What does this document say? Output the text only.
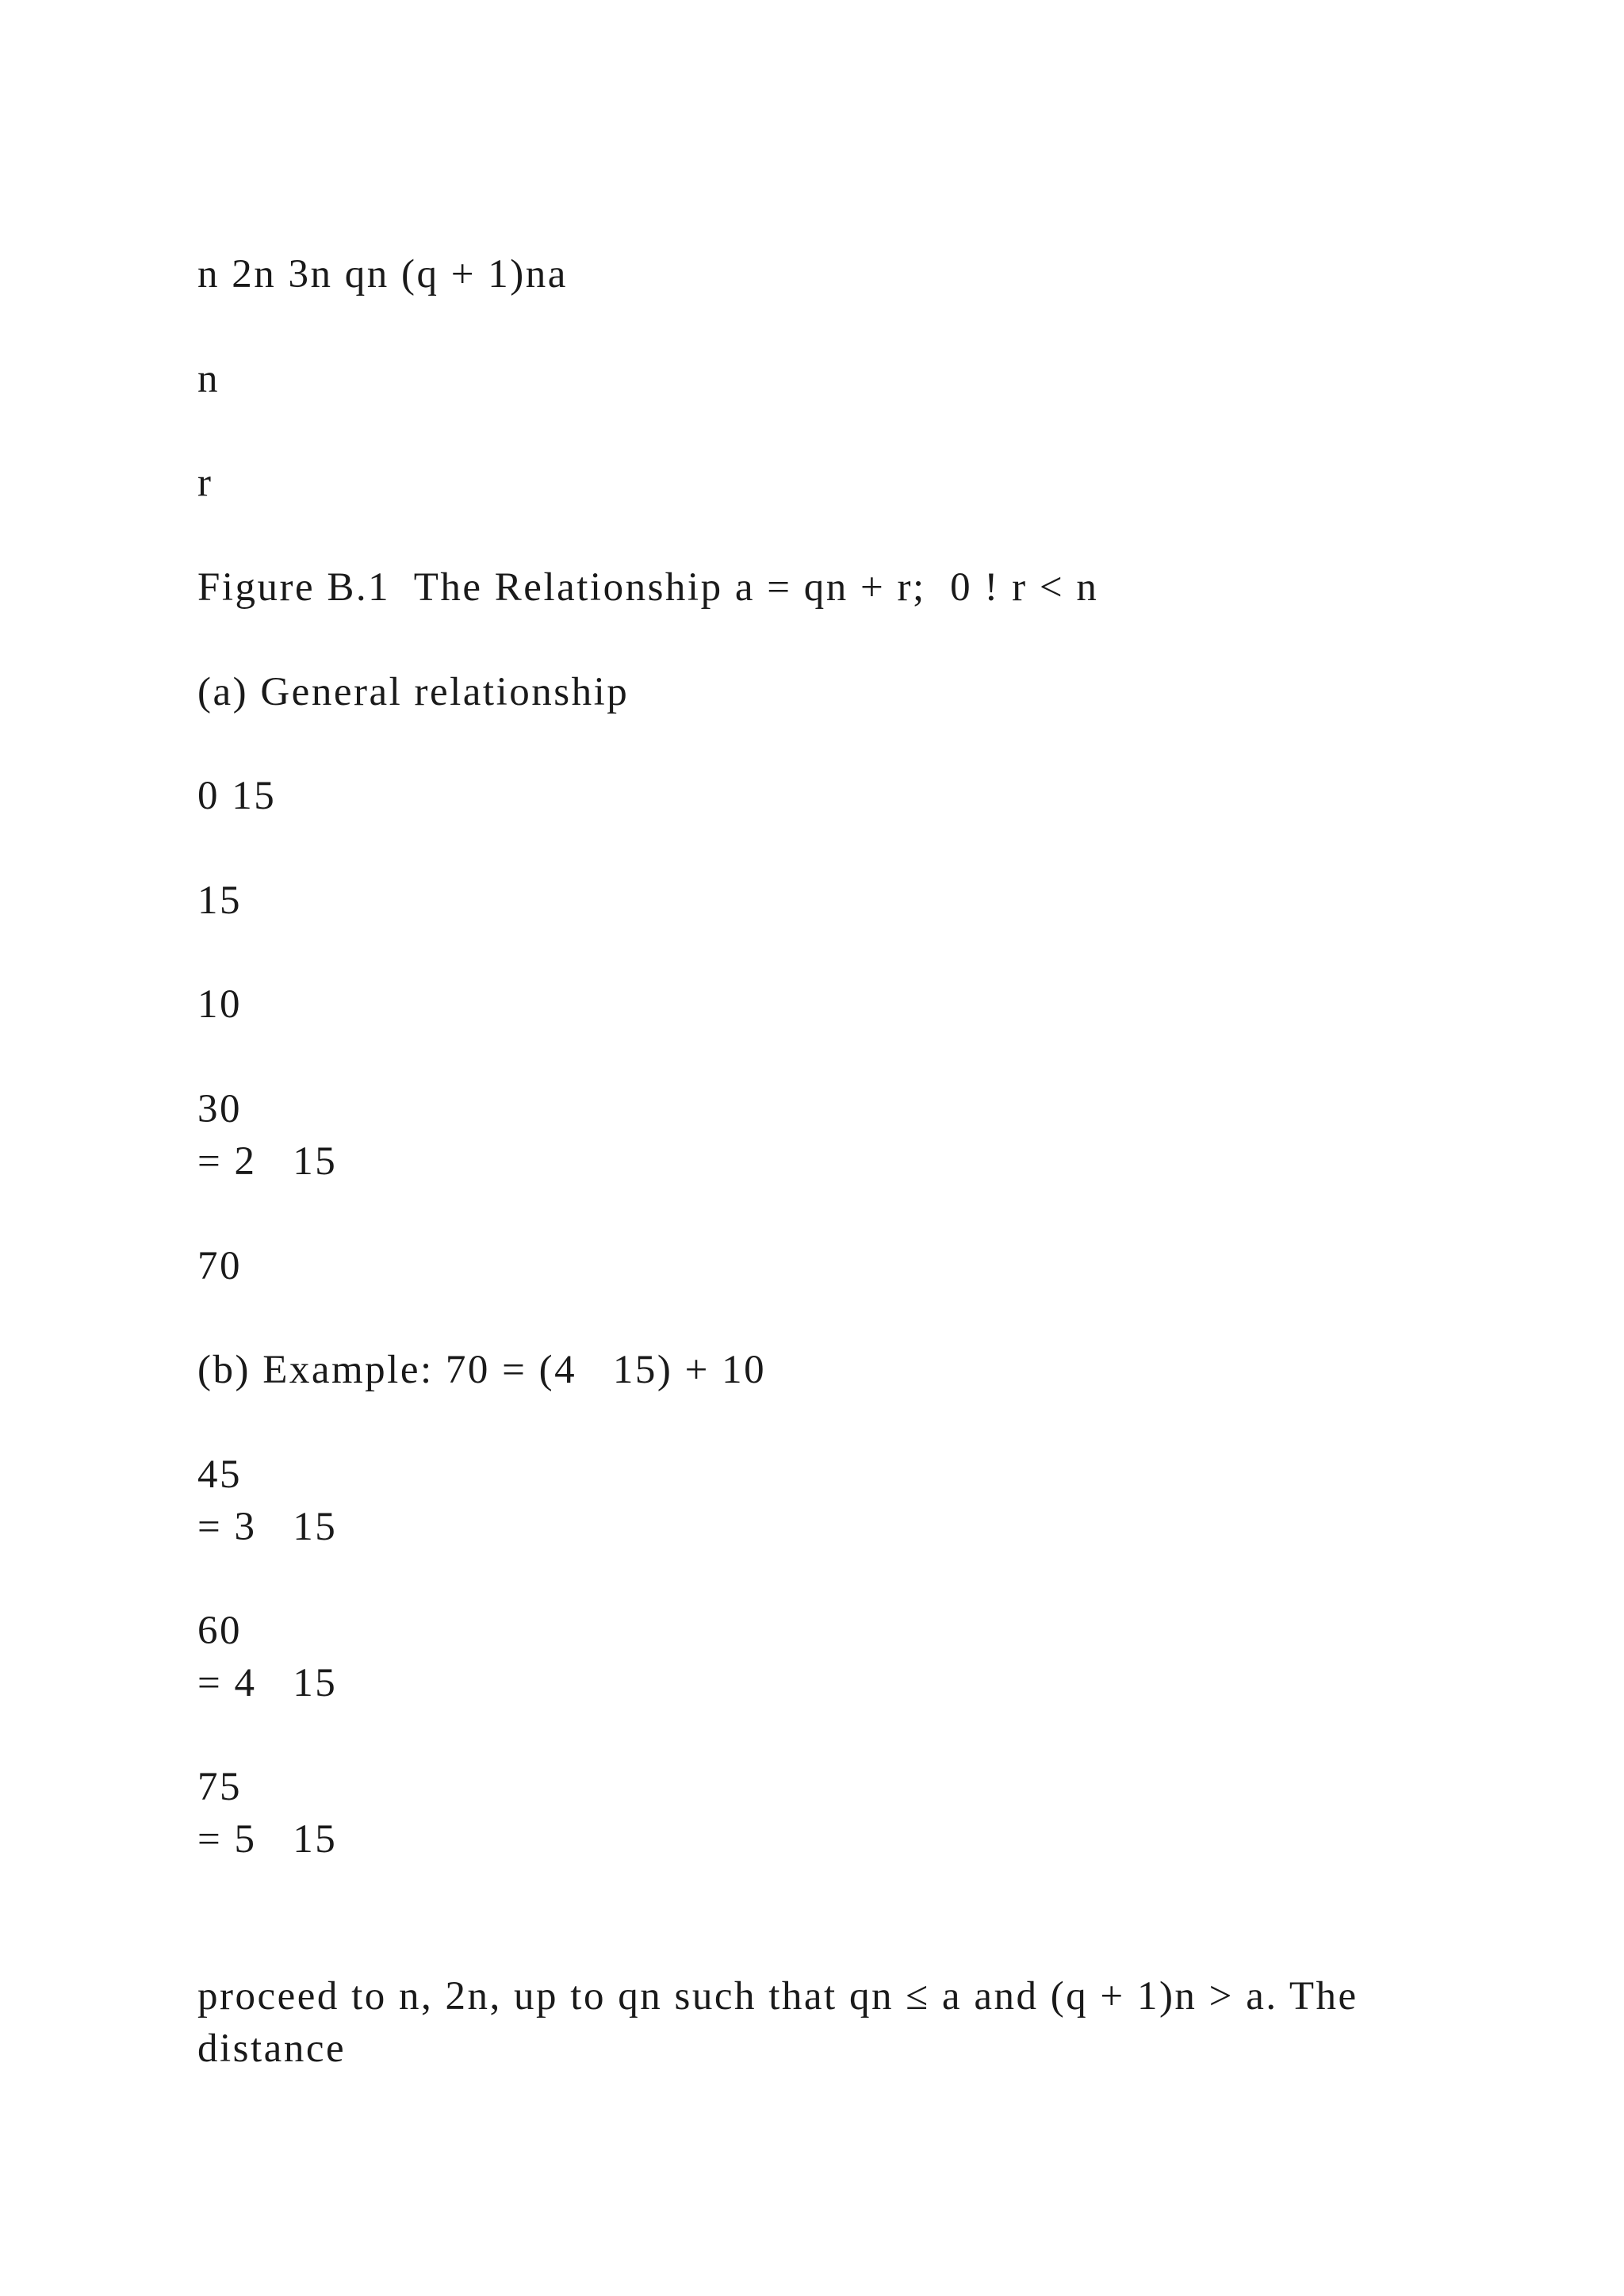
n 2n 3n qn (q + 1)na
n
r
Figure B.1  The Relationship a = qn + r;  0 ! r < n
(a) General relationship
0 15
15
10
30
= 2   15
70
(b) Example: 70 = (4   15) + 10
45
= 3   15
60
= 4   15
75
= 5   15
proceed to n, 2n, up to qn such that qn ≤ a and (q + 1)n > a. The distance
